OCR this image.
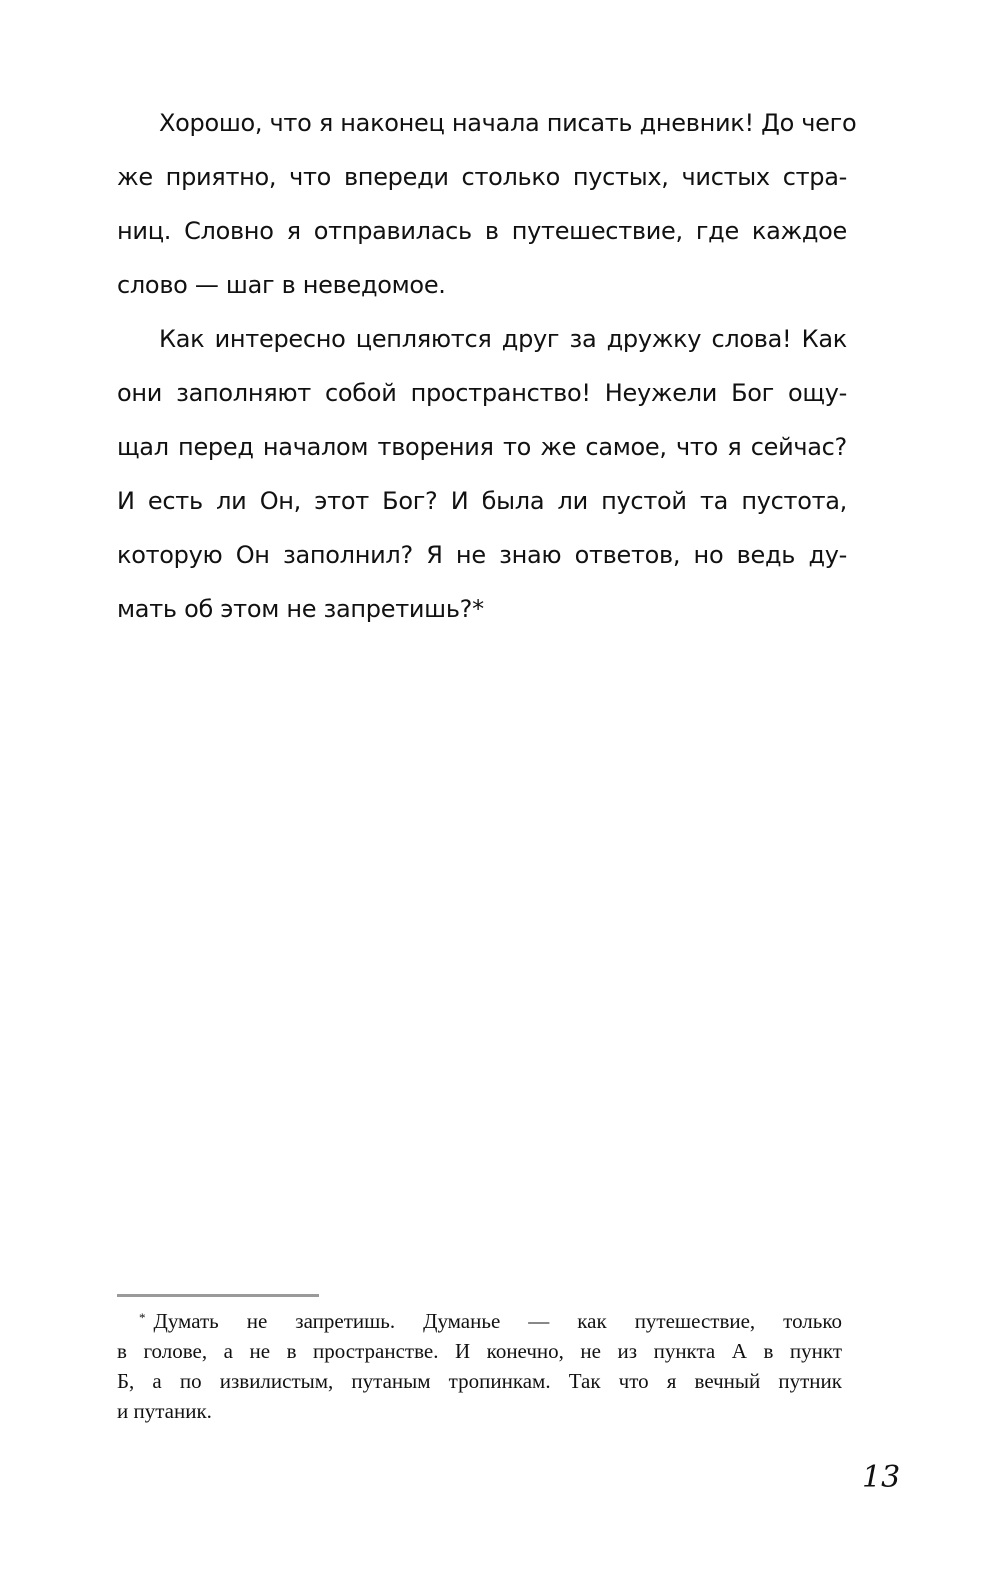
Хорошо, что я наконец начала писать дневник! До чего
же приятно, что впереди столько пустых, чистых стра-
ниц. Словно я отправилась в путешествие, где каждое
слово — шаг в неведомое.

Как интересно цепляются друг за дружку слова! Как
они заполняют собой пространство! Неужели Бог ощу-
щал перед началом творения то же самое, что я сейчас?
И есть ли Он, этот Бог? И была ли пустой та пустота,
которую Он заполнил? Я не знаю ответов, но ведь ду-
мать об этом не запретишь?*

* Думать не запретишь. Думанье — как путешествие, только
в голове, а не в пространстве. И конечно, не из пункта А в пункт
Б, а по извилистым, путаным тропинкам. Так что я вечный путник
и путаник.
13
